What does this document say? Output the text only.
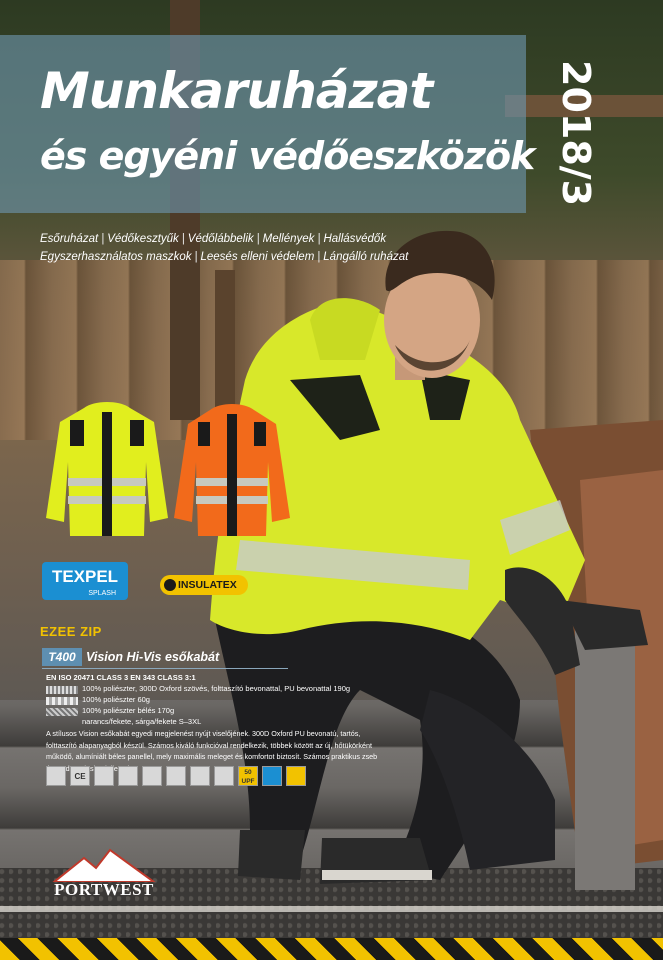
Munkaruházat
és egyéni védőeszközök 2018/3
Esőruházat | Védőkesztyűk | Védőlábbelik | Mellények | Hallásvédők
Egyszerhasználatos maszkok | Leesés elleni védelem | Lángálló ruházat
TEXPEL
SPLASH
INSULATEX
EZEE ZIP
T400 Vision Hi-Vis esőkabát
EN ISO 20471 CLASS 3 EN 343 CLASS 3:1
100% poliészter, 300D Oxford szövés, folttaszító bevonattal, PU bevonattal 190g
100% poliészter 60g
100% poliészter bélés 170g
narancs/fekete, sárga/fekete S–3XL
A stílusos Vision esőkabát egyedi megjelenést nyújt viselőjének. 300D Oxford PU bevonatú, tartós, folttaszító alapanyagból készül. Számos kiváló funkcióval rendelkezik, többek között az új, hőtükörként működő, alumíniált béles panellel, mely maximális meleget és komfortot biztosít. Számos praktikus zseb modern design
CE	50 UPF
PORTWEST
